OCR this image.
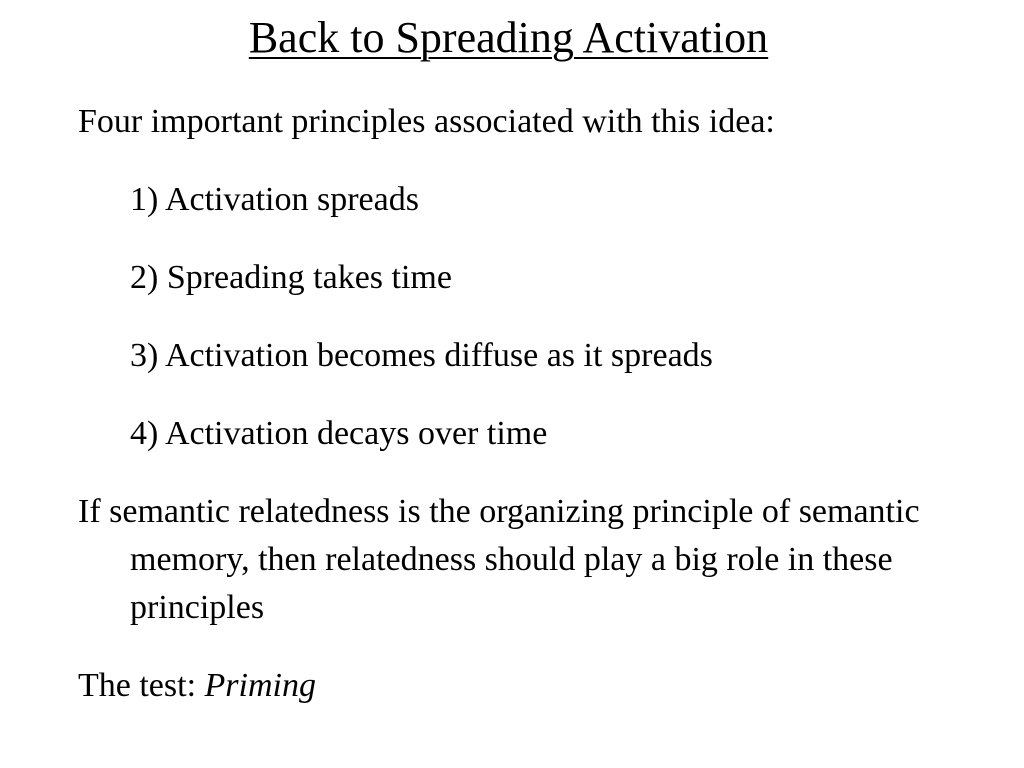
Back to Spreading Activation

Four important principles associated with this idea:

1) Activation spreads

2) Spreading takes time

3) Activation becomes diffuse as it spreads

4) Activation decays over time

If semantic relatedness is the organizing principle of semantic memory, then relatedness should play a big role in these principles

The test: Priming
